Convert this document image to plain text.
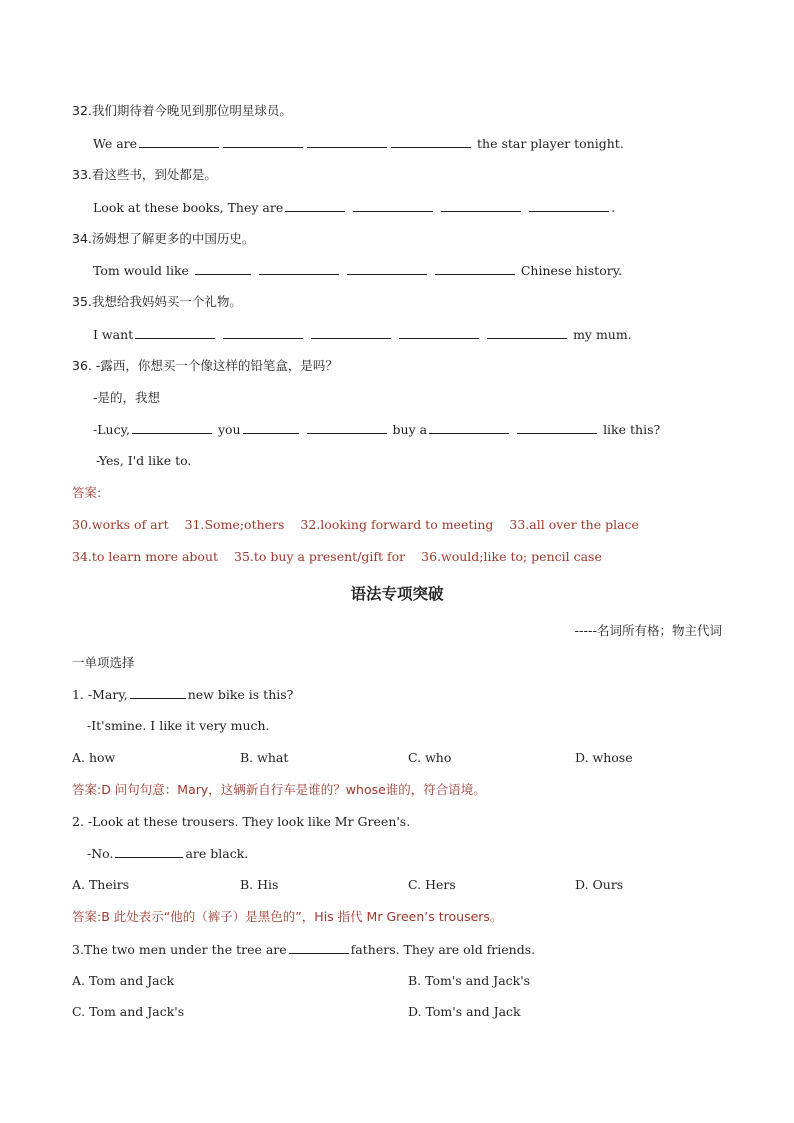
32.我们期待着今晚见到那位明星球员。
We are	the star player tonight.
33.看这些书，到处都是。
Look at these books, They are	.
34.汤姆想了解更多的中国历史。
Tom would like	Chinese history.
35.我想给我妈妈买一个礼物。
I want	my mum.
36. -露西，你想买一个像这样的铅笔盒，是吗？
-是的，我想
-Lucy,	you	buy a	like this?
-Yes, I'd like to.
答案:
30.works of art 31.Some;others 32.looking forward to meeting 33.all over the place
34.to learn more about 35.to buy a present/gift for 36.would;like to; pencil case
语法专项突破
-----名词所有格；物主代词
一单项选择
1. -Mary,	new bike is this?
-It'smine. I like it very much.
A. how	B. what	C. who	D. whose
答案:D 问句句意：Mary，这辆新自行车是谁的？whose谁的，符合语境。
2. -Look at these trousers. They look like Mr Green's.
-No.	are black.
A. Theirs	B. His	C. Hers	D. Ours
答案:B 此处表示“他的（裤子）是黑色的”，His 指代 Mr Green’s trousers。
3.The two men under the tree are	fathers. They are old friends.
A. Tom and Jack	B. Tom's and Jack's
C. Tom and Jack's	D. Tom's and Jack
